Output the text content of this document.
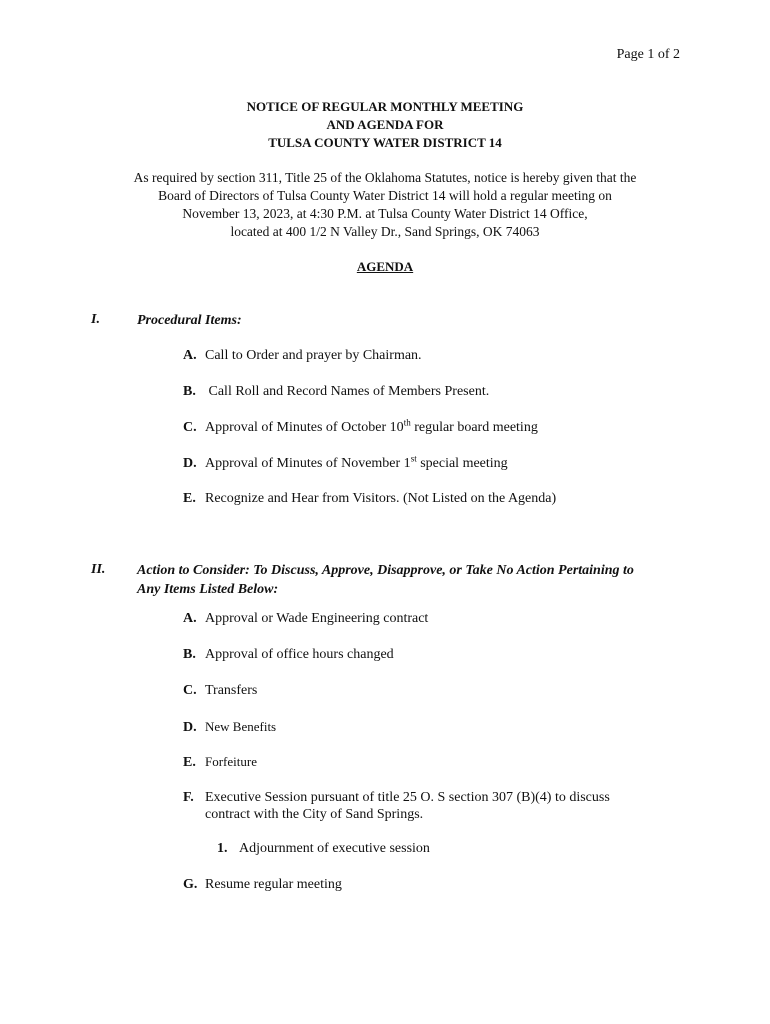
Page 1 of 2
NOTICE OF REGULAR MONTHLY MEETING
AND AGENDA FOR
TULSA COUNTY WATER DISTRICT 14
As required by section 311, Title 25 of the Oklahoma Statutes, notice is hereby given that the
Board of Directors of Tulsa County Water District 14 will hold a regular meeting on
November 13, 2023, at 4:30 P.M. at Tulsa County Water District 14 Office,
located at 400 1/2 N Valley Dr., Sand Springs, OK 74063
AGENDA
I.	Procedural Items:
A. Call to Order and prayer by Chairman.
B. Call Roll and Record Names of Members Present.
C. Approval of Minutes of October 10th regular board meeting
D. Approval of Minutes of November 1st special meeting
E. Recognize and Hear from Visitors. (Not Listed on the Agenda)
II. Action to Consider: To Discuss, Approve, Disapprove, or Take No Action Pertaining to
Any Items Listed Below:
A. Approval or Wade Engineering contract
B. Approval of office hours changed
C. Transfers
D. New Benefits
E. Forfeiture
F. Executive Session pursuant of title 25 O. S section 307 (B)(4) to discuss
contract with the City of Sand Springs.
1. Adjournment of executive session
G. Resume regular meeting
